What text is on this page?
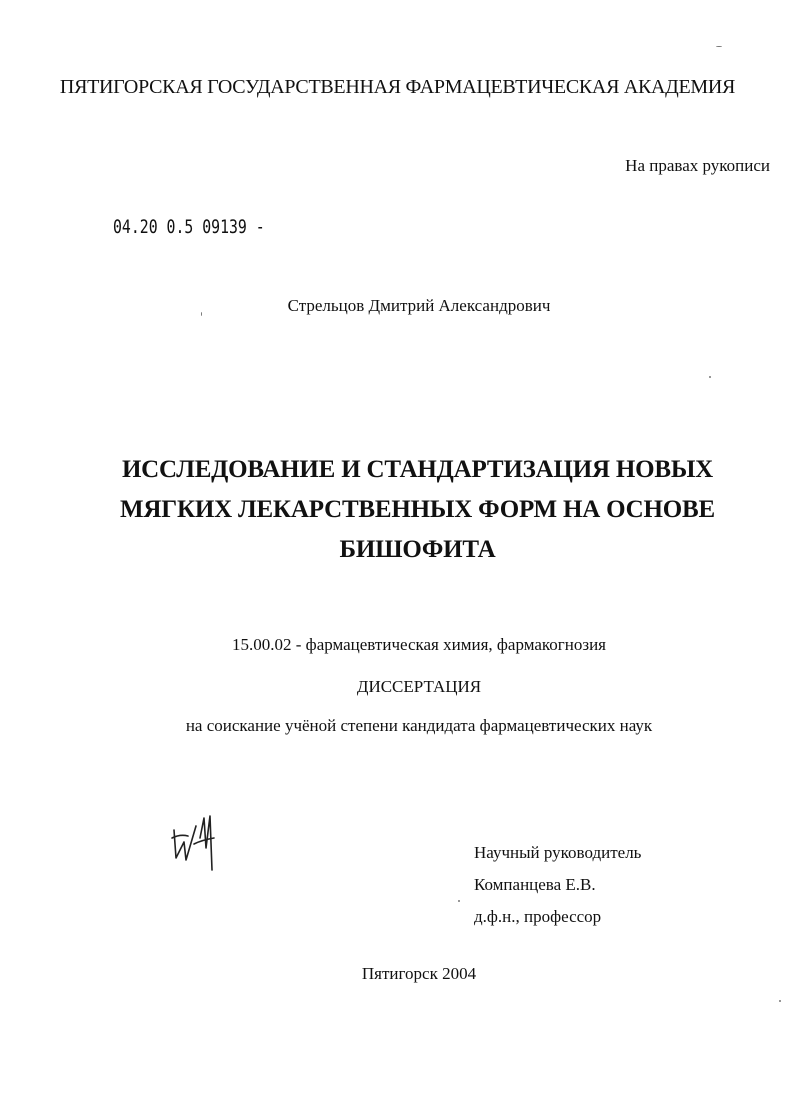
ПЯТИГОРСКАЯ ГОСУДАРСТВЕННАЯ ФАРМАЦЕВТИЧЕСКАЯ АКАДЕМИЯ
На правах рукописи
04.20 0.5 09139 -
Стрельцов Дмитрий Александрович
ИССЛЕДОВАНИЕ И СТАНДАРТИЗАЦИЯ НОВЫХ
МЯГКИХ ЛЕКАРСТВЕННЫХ ФОРМ НА ОСНОВЕ
БИШОФИТА
15.00.02 - фармацевтическая химия, фармакогнозия
ДИССЕРТАЦИЯ
на соискание учёной степени кандидата фармацевтических наук
Научный руководитель
Компанцева Е.В.
д.ф.н., профессор
Пятигорск 2004
